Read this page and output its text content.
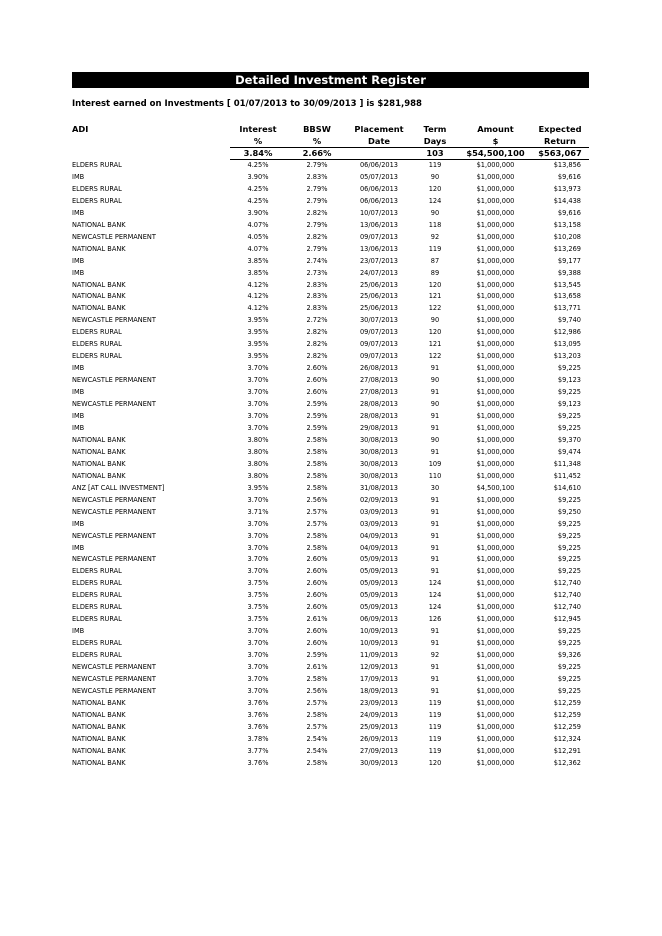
Detailed Investment Register
Interest earned on Investments [ 01/07/2013 to 30/09/2013 ] is $281,988
ADI	Interest	BBSW	Placement	Term	Amount	Expected
	%	%	Date	Days	$	Return
	3.84%	2.66%		103	$54,500,100	$563,067
ELDERS RURAL	4.25%	2.79%	06/06/2013	119	$1,000,000	$13,856
IMB	3.90%	2.83%	05/07/2013	90	$1,000,000	$9,616
ELDERS RURAL	4.25%	2.79%	06/06/2013	120	$1,000,000	$13,973
ELDERS RURAL	4.25%	2.79%	06/06/2013	124	$1,000,000	$14,438
IMB	3.90%	2.82%	10/07/2013	90	$1,000,000	$9,616
NATIONAL BANK	4.07%	2.79%	13/06/2013	118	$1,000,000	$13,158
NEWCASTLE PERMANENT	4.05%	2.82%	09/07/2013	92	$1,000,000	$10,208
NATIONAL BANK	4.07%	2.79%	13/06/2013	119	$1,000,000	$13,269
IMB	3.85%	2.74%	23/07/2013	87	$1,000,000	$9,177
IMB	3.85%	2.73%	24/07/2013	89	$1,000,000	$9,388
NATIONAL BANK	4.12%	2.83%	25/06/2013	120	$1,000,000	$13,545
NATIONAL BANK	4.12%	2.83%	25/06/2013	121	$1,000,000	$13,658
NATIONAL BANK	4.12%	2.83%	25/06/2013	122	$1,000,000	$13,771
NEWCASTLE PERMANENT	3.95%	2.72%	30/07/2013	90	$1,000,000	$9,740
ELDERS RURAL	3.95%	2.82%	09/07/2013	120	$1,000,000	$12,986
ELDERS RURAL	3.95%	2.82%	09/07/2013	121	$1,000,000	$13,095
ELDERS RURAL	3.95%	2.82%	09/07/2013	122	$1,000,000	$13,203
IMB	3.70%	2.60%	26/08/2013	91	$1,000,000	$9,225
NEWCASTLE PERMANENT	3.70%	2.60%	27/08/2013	90	$1,000,000	$9,123
IMB	3.70%	2.60%	27/08/2013	91	$1,000,000	$9,225
NEWCASTLE PERMANENT	3.70%	2.59%	28/08/2013	90	$1,000,000	$9,123
IMB	3.70%	2.59%	28/08/2013	91	$1,000,000	$9,225
IMB	3.70%	2.59%	29/08/2013	91	$1,000,000	$9,225
NATIONAL BANK	3.80%	2.58%	30/08/2013	90	$1,000,000	$9,370
NATIONAL BANK	3.80%	2.58%	30/08/2013	91	$1,000,000	$9,474
NATIONAL BANK	3.80%	2.58%	30/08/2013	109	$1,000,000	$11,348
NATIONAL BANK	3.80%	2.58%	30/08/2013	110	$1,000,000	$11,452
ANZ [AT CALL INVESTMENT]	3.95%	2.58%	31/08/2013	30	$4,500,100	$14,610
NEWCASTLE PERMANENT	3.70%	2.56%	02/09/2013	91	$1,000,000	$9,225
NEWCASTLE PERMANENT	3.71%	2.57%	03/09/2013	91	$1,000,000	$9,250
IMB	3.70%	2.57%	03/09/2013	91	$1,000,000	$9,225
NEWCASTLE PERMANENT	3.70%	2.58%	04/09/2013	91	$1,000,000	$9,225
IMB	3.70%	2.58%	04/09/2013	91	$1,000,000	$9,225
NEWCASTLE PERMANENT	3.70%	2.60%	05/09/2013	91	$1,000,000	$9,225
ELDERS RURAL	3.70%	2.60%	05/09/2013	91	$1,000,000	$9,225
ELDERS RURAL	3.75%	2.60%	05/09/2013	124	$1,000,000	$12,740
ELDERS RURAL	3.75%	2.60%	05/09/2013	124	$1,000,000	$12,740
ELDERS RURAL	3.75%	2.60%	05/09/2013	124	$1,000,000	$12,740
ELDERS RURAL	3.75%	2.61%	06/09/2013	126	$1,000,000	$12,945
IMB	3.70%	2.60%	10/09/2013	91	$1,000,000	$9,225
ELDERS RURAL	3.70%	2.60%	10/09/2013	91	$1,000,000	$9,225
ELDERS RURAL	3.70%	2.59%	11/09/2013	92	$1,000,000	$9,326
NEWCASTLE PERMANENT	3.70%	2.61%	12/09/2013	91	$1,000,000	$9,225
NEWCASTLE PERMANENT	3.70%	2.58%	17/09/2013	91	$1,000,000	$9,225
NEWCASTLE PERMANENT	3.70%	2.56%	18/09/2013	91	$1,000,000	$9,225
NATIONAL BANK	3.76%	2.57%	23/09/2013	119	$1,000,000	$12,259
NATIONAL BANK	3.76%	2.58%	24/09/2013	119	$1,000,000	$12,259
NATIONAL BANK	3.76%	2.57%	25/09/2013	119	$1,000,000	$12,259
NATIONAL BANK	3.78%	2.54%	26/09/2013	119	$1,000,000	$12,324
NATIONAL BANK	3.77%	2.54%	27/09/2013	119	$1,000,000	$12,291
NATIONAL BANK	3.76%	2.58%	30/09/2013	120	$1,000,000	$12,362
